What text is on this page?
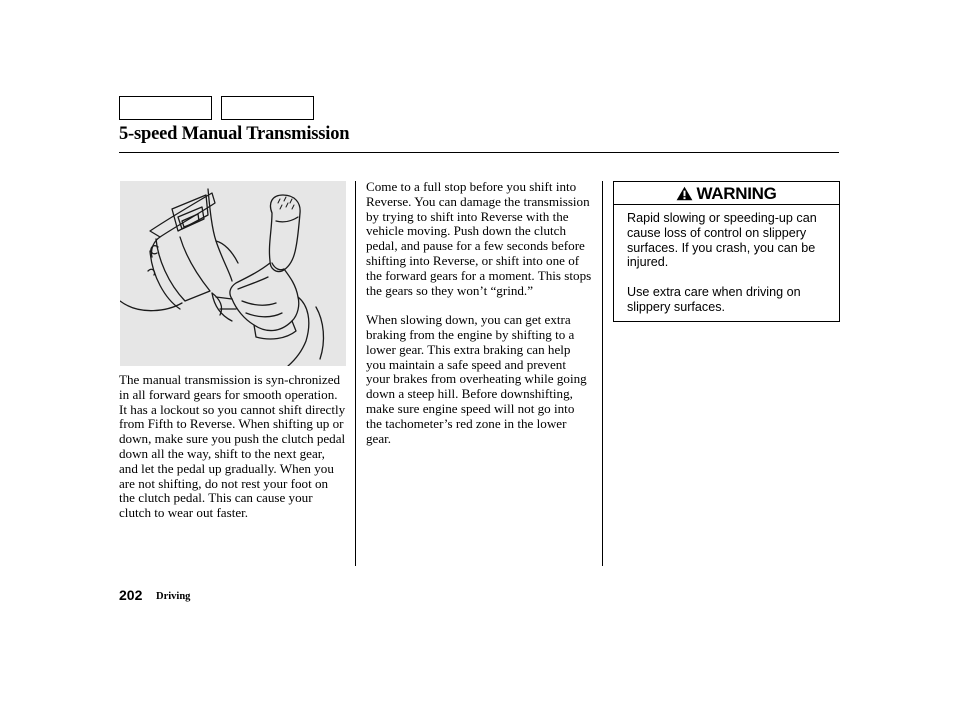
5-speed Manual Transmission

The manual transmission is syn-chronized in all forward gears for smooth operation. It has a lockout so you cannot shift directly from Fifth to Reverse. When shifting up or down, make sure you push the clutch pedal down all the way, shift to the next gear, and let the pedal up gradually. When you are not shifting, do not rest your foot on the clutch pedal. This can cause your clutch to wear out faster.

Come to a full stop before you shift into Reverse. You can damage the transmission by trying to shift into Reverse with the vehicle moving. Push down the clutch pedal, and pause for a few seconds before shifting into Reverse, or shift into one of the forward gears for a moment. This stops the gears so they won’t “grind.”

When slowing down, you can get extra braking from the engine by shifting to a lower gear. This extra braking can help you maintain a safe speed and prevent your brakes from overheating while going down a steep hill. Before downshifting, make sure engine speed will not go into the tachometer’s red zone in the lower gear.

WARNING

Rapid slowing or speeding-up can cause loss of control on slippery surfaces. If you crash, you can be injured.

Use extra care when driving on slippery surfaces.

202 Driving
